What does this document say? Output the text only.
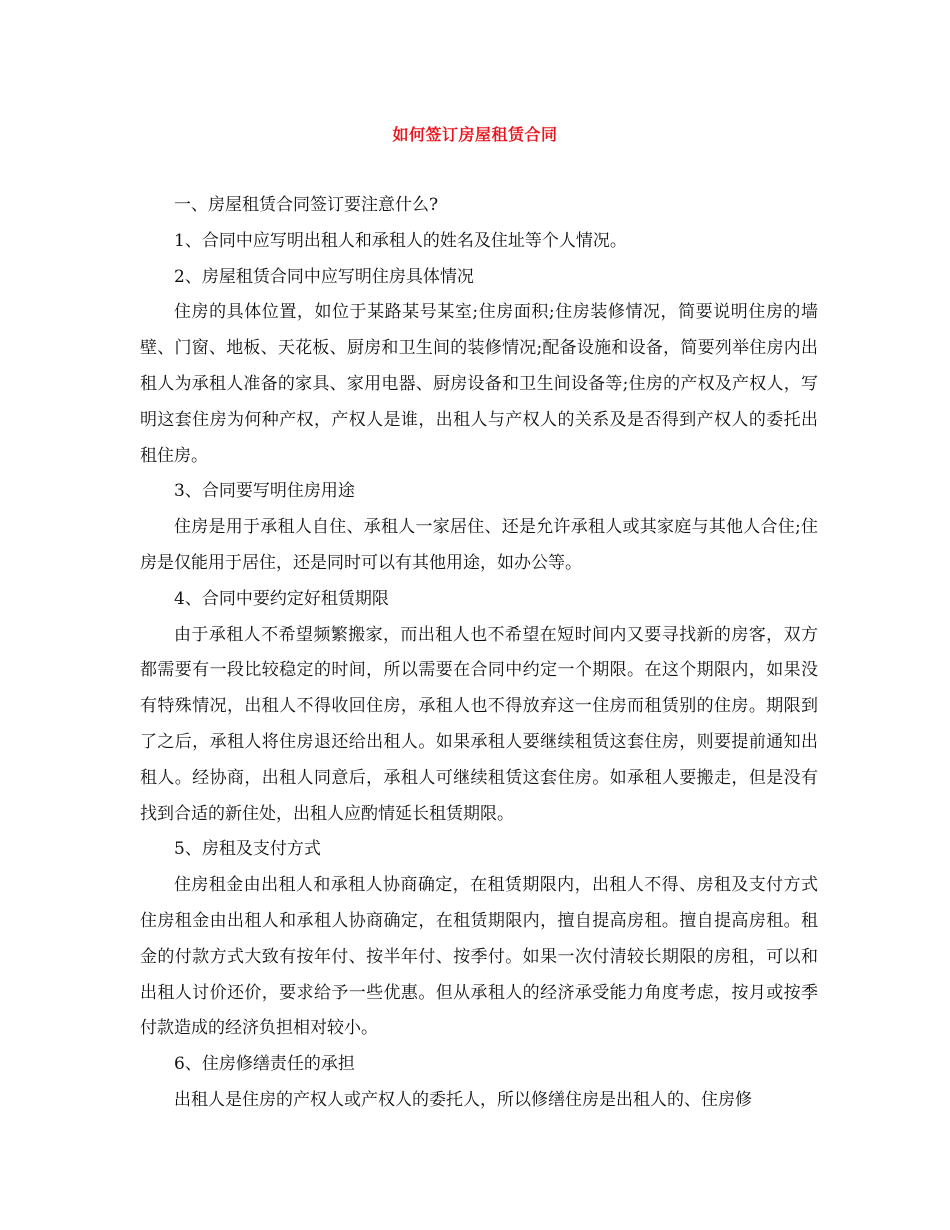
如何签订房屋租赁合同

一、房屋租赁合同签订要注意什么?

1、合同中应写明出租人和承租人的姓名及住址等个人情况。

2、房屋租赁合同中应写明住房具体情况

住房的具体位置，如位于某路某号某室;住房面积;住房装修情况，简要说明住房的墙壁、门窗、地板、天花板、厨房和卫生间的装修情况;配备设施和设备，简要列举住房内出租人为承租人准备的家具、家用电器、厨房设备和卫生间设备等;住房的产权及产权人，写明这套住房为何种产权，产权人是谁，出租人与产权人的关系及是否得到产权人的委托出租住房。

3、合同要写明住房用途

住房是用于承租人自住、承租人一家居住、还是允许承租人或其家庭与其他人合住;住房是仅能用于居住，还是同时可以有其他用途，如办公等。

4、合同中要约定好租赁期限

由于承租人不希望频繁搬家，而出租人也不希望在短时间内又要寻找新的房客，双方都需要有一段比较稳定的时间，所以需要在合同中约定一个期限。在这个期限内，如果没有特殊情况，出租人不得收回住房，承租人也不得放弃这一住房而租赁别的住房。期限到了之后，承租人将住房退还给出租人。如果承租人要继续租赁这套住房，则要提前通知出租人。经协商，出租人同意后，承租人可继续租赁这套住房。如承租人要搬走，但是没有找到合适的新住处，出租人应酌情延长租赁期限。

5、房租及支付方式

住房租金由出租人和承租人协商确定，在租赁期限内，出租人不得、房租及支付方式住房租金由出租人和承租人协商确定，在租赁期限内，擅自提高房租。擅自提高房租。租金的付款方式大致有按年付、按半年付、按季付。如果一次付清较长期限的房租，可以和出租人讨价还价，要求给予一些优惠。但从承租人的经济承受能力角度考虑，按月或按季付款造成的经济负担相对较小。

6、住房修缮责任的承担

出租人是住房的产权人或产权人的委托人，所以修缮住房是出租人的、住房修
